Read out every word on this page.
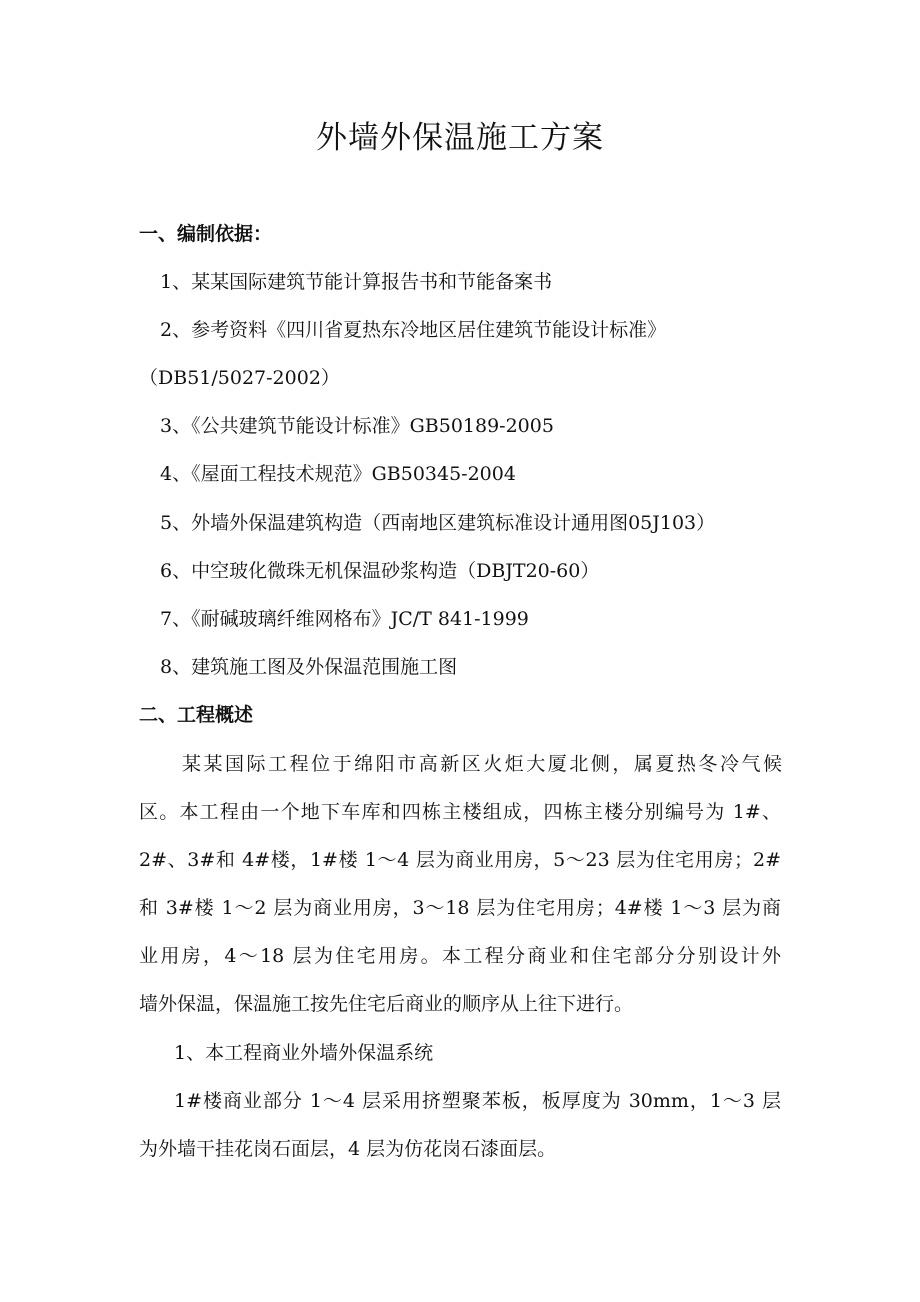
外墙外保温施工方案
一、编制依据：
1、某某国际建筑节能计算报告书和节能备案书
2、参考资料《四川省夏热东冷地区居住建筑节能设计标准》
（DB51/5027-2002）
3、《公共建筑节能设计标准》GB50189-2005
4、《屋面工程技术规范》GB50345-2004
5、外墙外保温建筑构造（西南地区建筑标准设计通用图05J103）
6、中空玻化微珠无机保温砂浆构造（DBJT20-60）
7、《耐碱玻璃纤维网格布》JC/T 841-1999
8、建筑施工图及外保温范围施工图
二、工程概述
某某国际工程位于绵阳市高新区火炬大厦北侧，属夏热冬冷气候
区。本工程由一个地下车库和四栋主楼组成，四栋主楼分别编号为 1#、
2#、3#和 4#楼，1#楼 1～4 层为商业用房，5～23 层为住宅用房；2#
和 3#楼 1～2 层为商业用房，3～18 层为住宅用房；4#楼 1～3 层为商
业用房，4～18 层为住宅用房。本工程分商业和住宅部分分别设计外
墙外保温，保温施工按先住宅后商业的顺序从上往下进行。
1、本工程商业外墙外保温系统
1#楼商业部分 1～4 层采用挤塑聚苯板，板厚度为 30mm，1～3 层
为外墙干挂花岗石面层，4 层为仿花岗石漆面层。
